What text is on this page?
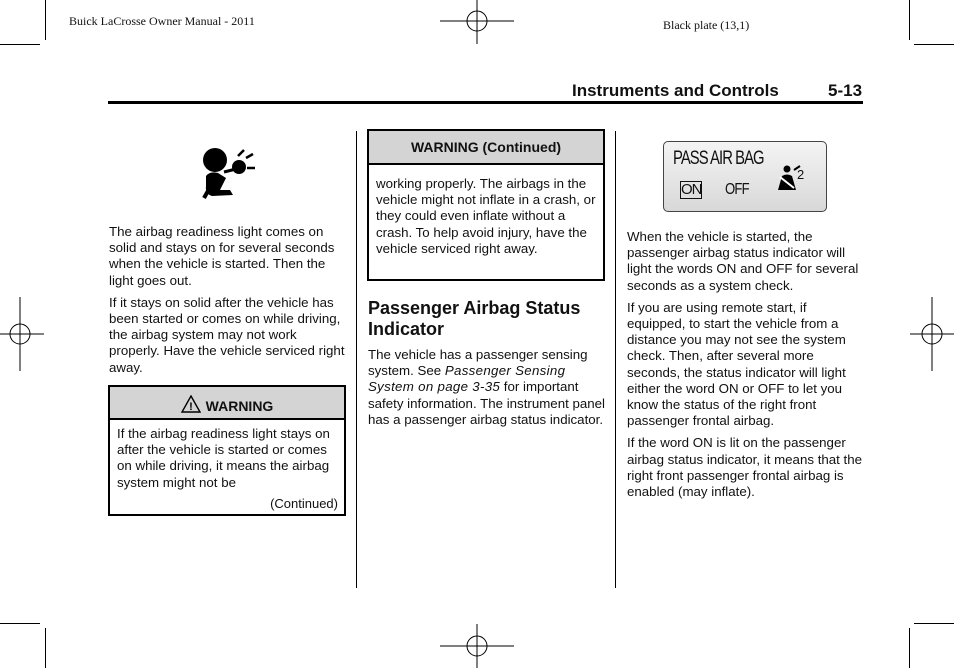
Buick LaCrosse Owner Manual - 2011	Black plate (13,1)
Instruments and Controls	5-13

The airbag readiness light comes on solid and stays on for several seconds when the vehicle is started. Then the light goes out.

If it stays on solid after the vehicle has been started or comes on while driving, the airbag system may not work properly. Have the vehicle serviced right away.

! WARNING
If the airbag readiness light stays on after the vehicle is started or comes on while driving, it means the airbag system might not be
(Continued)
WARNING (Continued)
working properly. The airbags in the vehicle might not inflate in a crash, or they could even inflate without a crash. To help avoid injury, have the vehicle serviced right away.
Passenger Airbag Status Indicator

The vehicle has a passenger sensing system. See Passenger Sensing System on page 3-35 for important safety information. The instrument panel has a passenger airbag status indicator.

PASS AIR BAG
ON OFF
2

When the vehicle is started, the passenger airbag status indicator will light the words ON and OFF for several seconds as a system check.

If you are using remote start, if equipped, to start the vehicle from a distance you may not see the system check. Then, after several more seconds, the status indicator will light either the word ON or OFF to let you know the status of the right front passenger frontal airbag.

If the word ON is lit on the passenger airbag status indicator, it means that the right front passenger frontal airbag is enabled (may inflate).
